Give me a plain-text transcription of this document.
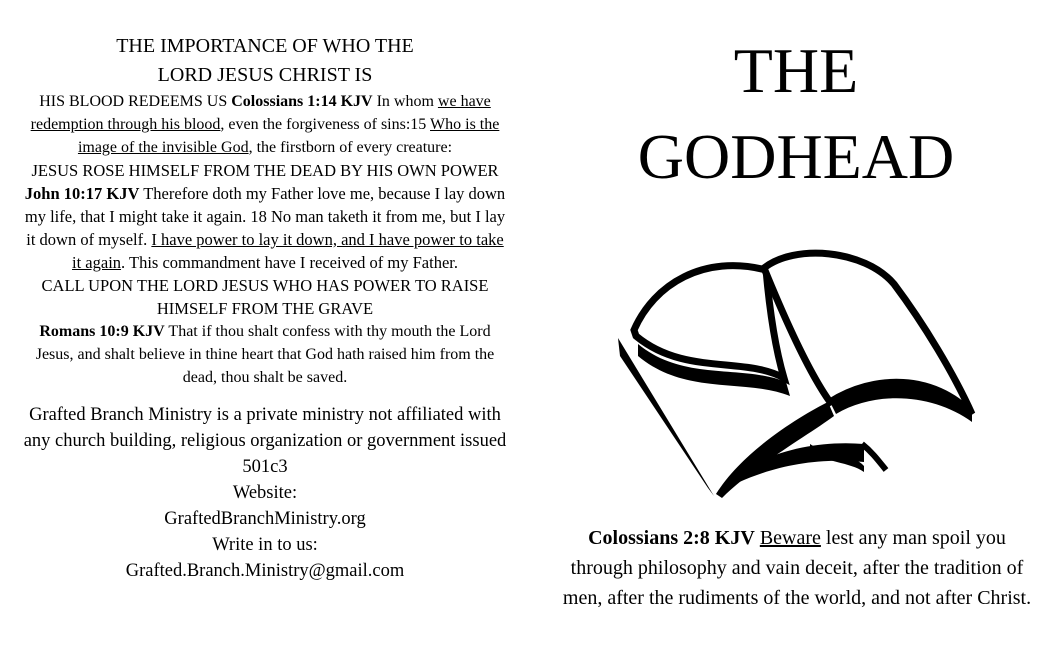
THE IMPORTANCE OF WHO THE
LORD JESUS CHRIST IS

HIS BLOOD REDEEMS US Colossians 1:14 KJV In whom we have redemption through his blood, even the forgiveness of sins:15 Who is the image of the invisible God, the firstborn of every creature:

JESUS ROSE HIMSELF FROM THE DEAD BY HIS OWN POWER John 10:17 KJV Therefore doth my Father love me, because I lay down my life, that I might take it again. 18 No man taketh it from me, but I lay it down of myself. I have power to lay it down, and I have power to take it again. This commandment have I received of my Father.

CALL UPON THE LORD JESUS WHO HAS POWER TO RAISE HIMSELF FROM THE GRAVE

Romans 10:9 KJV That if thou shalt confess with thy mouth the Lord Jesus, and shalt believe in thine heart that God hath raised him from the dead, thou shalt be saved.

Grafted Branch Ministry is a private ministry not affiliated with any church building, religious organization or government issued 501c3
Website:
GraftedBranchMinistry.org
Write in to us:
Grafted.Branch.Ministry@gmail.com
THE
GODHEAD
Colossians 2:8 KJV Beware lest any man spoil you through philosophy and vain deceit, after the tradition of men, after the rudiments of the world, and not after Christ.
